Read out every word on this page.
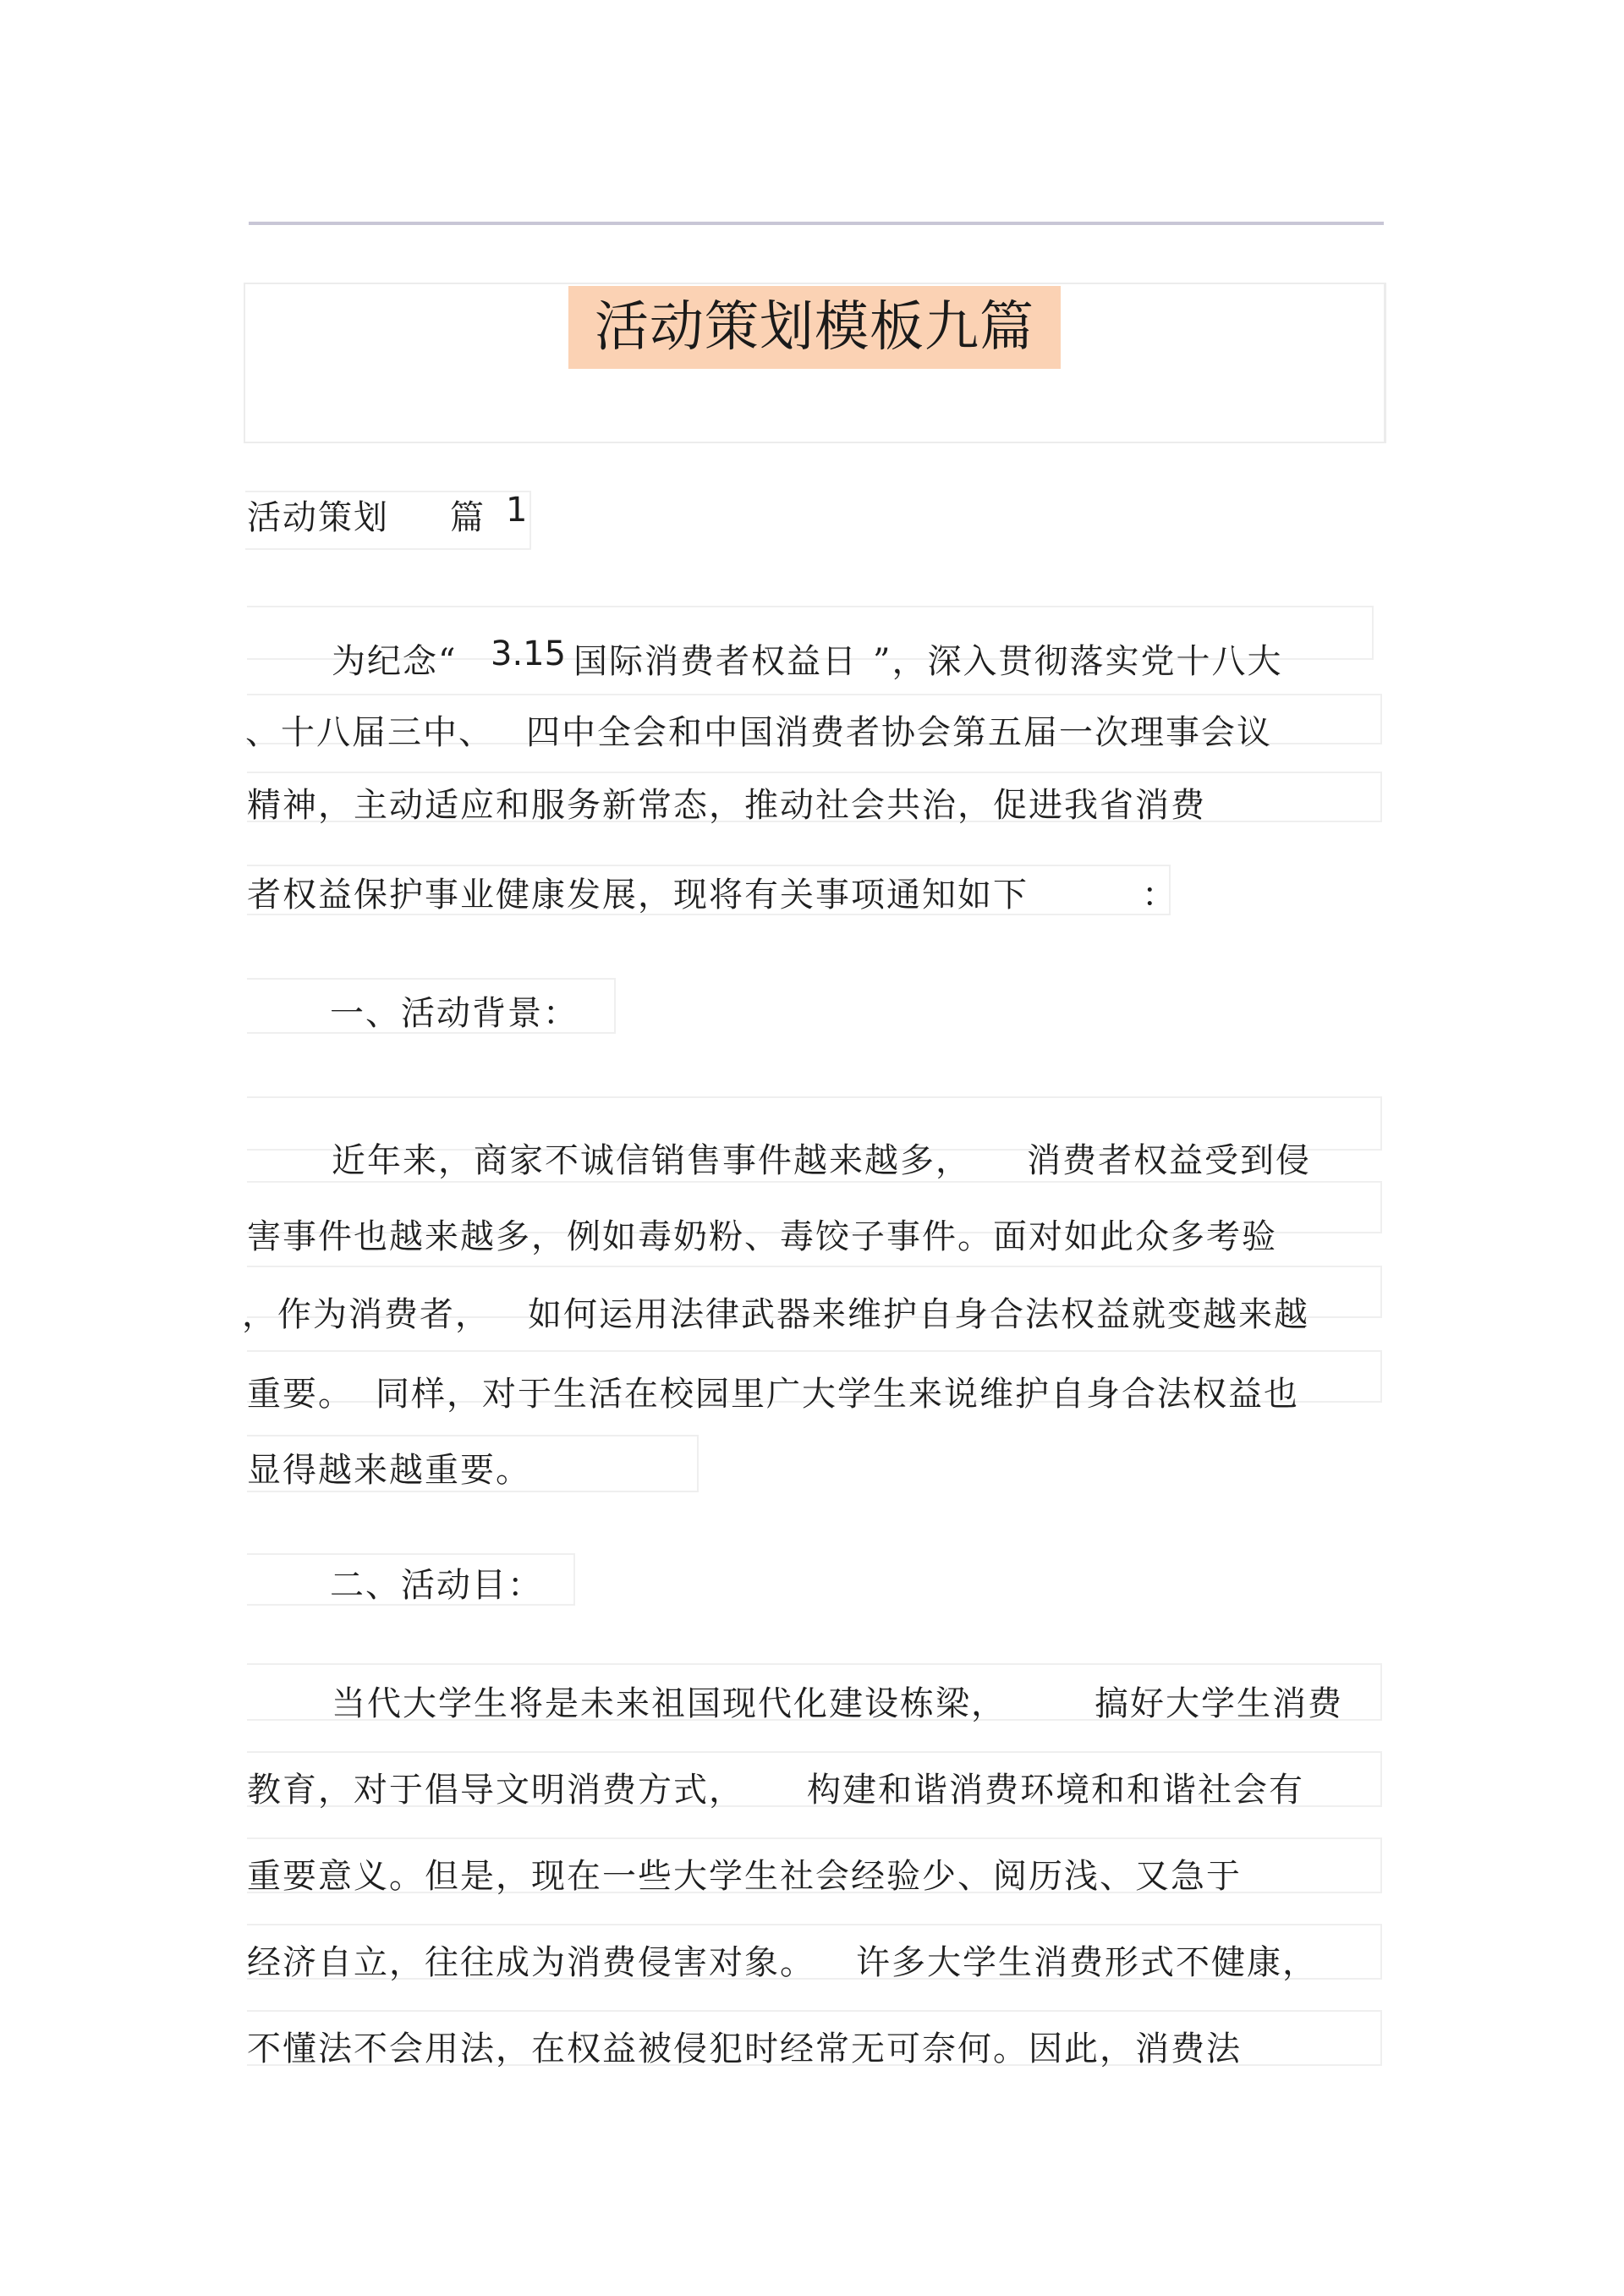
活动策划模板九篇
活动策划 篇 1
为纪念“ 3.15 国际消费者权益日 ”，深入贯彻落实党十八大
、十八届三中、 四中全会和中国消费者协会第五届一次理事会议
精神，主动适应和服务新常态，推动社会共治，促进我省消费
者权益保护事业健康发展，现将有关事项通知如下	：
一、活动背景：
近年来，商家不诚信销售事件越来越多， 消费者权益受到侵
害事件也越来越多，例如毒奶粉、毒饺子事件。面对如此众多考验
，作为消费者， 如何运用法律武器来维护自身合法权益就变越来越
重要。 同样，对于生活在校园里广大学生来说维护自身合法权益也
显得越来越重要。
二、活动目：
当代大学生将是未来祖国现代化建设栋梁，	搞好大学生消费
教育，对于倡导文明消费方式， 构建和谐消费环境和和谐社会有
重要意义。但是，现在一些大学生社会经验少、阅历浅、又急于
经济自立，往往成为消费侵害对象。 许多大学生消费形式不健康，
不懂法不会用法，在权益被侵犯时经常无可奈何。因此，消费法
